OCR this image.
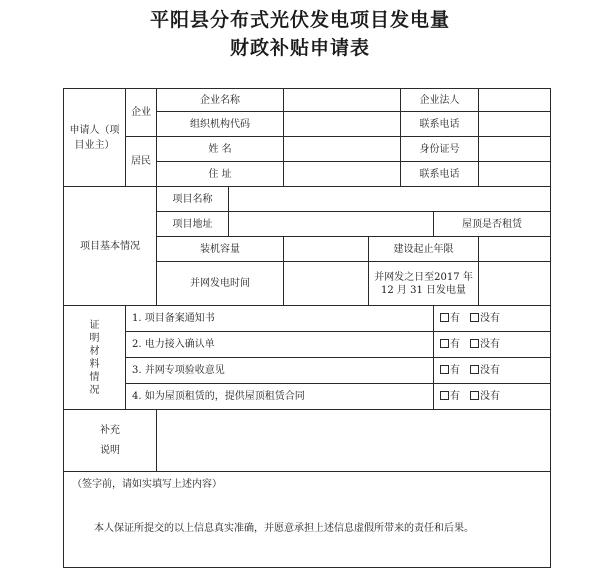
平阳县分布式光伏发电项目发电量
财政补贴申请表
申请人（项目业主）	企业	企业名称				企业法人		
		组织机构代码				联系电话		
	居民	姓 名				身份证号		
		住 址				联系电话		
项目基本情况		项目名称						
		项目地址					屋顶是否租赁	
		装机容量			建设起止年限			
		并网发电时间			并网发之日至2017 年 12 月 31 日发电量			

证明材料情况	1. 项目备案通知书						有 没有	
	2. 电力接入确认单						有 没有	
	3. 并网专项验收意见						有 没有	
	4. 如为屋顶租赁的，提供屋顶租赁合同						有 没有	

补充说明								

（签字前，请如实填写上述内容）
本人保证所提交的以上信息真实准确，并愿意承担上述信息虚假所带来的责任和后果。								
